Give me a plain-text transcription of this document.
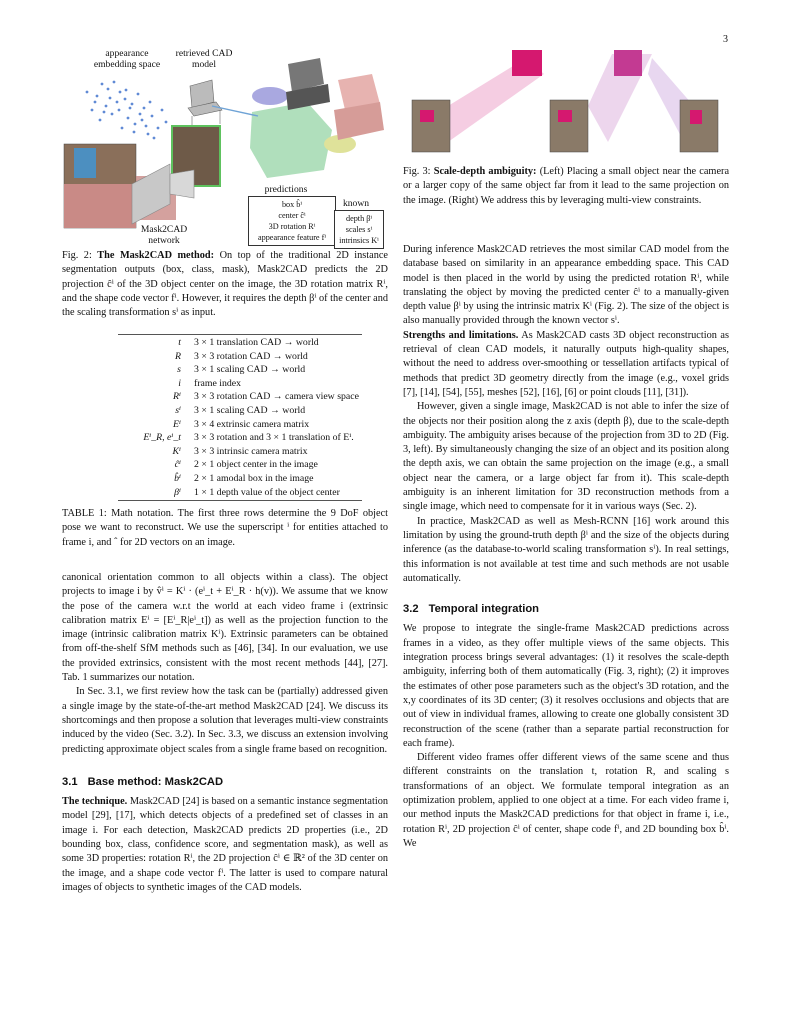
3
appearance embedding space
retrieved CAD model
Mask2CAD network
predictions
known
box b̂ⁱ
center ĉⁱ
3D rotation Rⁱ
appearance feature fⁱ
depth βⁱ
scales sⁱ
intrinsics Kⁱ

Fig. 2: The Mask2CAD method: On top of the traditional 2D instance segmentation outputs (box, class, mask), Mask2CAD predicts the 2D projection ĉⁱ of the 3D object center on the image, the 3D rotation matrix Rⁱ, and the shape code vector fⁱ. However, it requires the depth βⁱ of the center and the scaling transformation sⁱ as input.

t	3 × 1 translation CAD → world
R	3 × 3 rotation CAD → world
s	3 × 1 scaling CAD → world
i	frame index
Rⁱ	3 × 3 rotation CAD → camera view space
sⁱ	3 × 1 scaling CAD → world
Eⁱ	3 × 4 extrinsic camera matrix
Eⁱ_R, eⁱ_t	3 × 3 rotation and 3 × 1 translation of Eⁱ.
Kⁱ	3 × 3 intrinsic camera matrix
ĉⁱ	2 × 1 object center in the image
b̂ⁱ	2 × 1 amodal box in the image
βⁱ	1 × 1 depth value of the object center

TABLE 1: Math notation. The first three rows determine the 9 DoF object pose we want to reconstruct. We use the superscript ⁱ for entities attached to frame i, and ˆ for 2D vectors on an image.

canonical orientation common to all objects within a class). The object projects to image i by v̂ⁱ = Kⁱ · (eⁱ_t + Eⁱ_R · h(v)). We assume that we know the pose of the camera w.r.t the world at each video frame i (extrinsic calibration matrix Eⁱ = [Eⁱ_R|eⁱ_t]) as well as the projection function to the image (intrinsic calibration matrix Kⁱ). Extrinsic parameters can be obtained from off-the-shelf SfM methods such as [46], [34]. In our evaluation, we use the provided extrinsics, consistent with the most recent methods [44], [27]. Tab. 1 summarizes our notation.

In Sec. 3.1, we first review how the task can be (partially) addressed given a single image by the state-of-the-art method Mask2CAD [24]. We discuss its shortcomings and then propose a solution that leverages multi-view constraints induced by the video (Sec. 3.2). In Sec. 3.3, we discuss an extension involving predicting approximate object scales from a single frame based on recognition.

3.1 Base method: Mask2CAD

The technique. Mask2CAD [24] is based on a semantic instance segmentation model [29], [17], which detects objects of a predefined set of classes in an image i. For each detection, Mask2CAD predicts 2D properties (i.e., 2D bounding box, class, confidence score, and segmentation mask), as well as some 3D properties: rotation Rⁱ, the 2D projection ĉⁱ ∈ ℝ² of the 3D center on the image, and a shape code vector fⁱ. The latter is used to compare natural images of objects to synthetic images of the CAD models.

Fig. 3: Scale-depth ambiguity: (Left) Placing a small object near the camera or a larger copy of the same object far from it lead to the same projection on the image. (Right) We address this by leveraging multi-view constraints.

During inference Mask2CAD retrieves the most similar CAD model from the database based on similarity in an appearance embedding space. This CAD model is then placed in the world by using the predicted rotation Rⁱ, while translating the object by moving the predicted center ĉⁱ to a manually-given depth value βⁱ by using the intrinsic matrix Kⁱ (Fig. 2). The size of the object is also manually provided through the known vector sⁱ.

Strengths and limitations. As Mask2CAD casts 3D object reconstruction as retrieval of clean CAD models, it naturally outputs high-quality shapes, without the need to address over-smoothing or tessellation artifacts typical of methods that predict 3D geometry directly from the image (e.g., voxel grids [7], [14], [54], [55], meshes [52], [16], [6] or point clouds [11], [31]).

However, given a single image, Mask2CAD is not able to infer the size of the objects nor their position along the z axis (depth β), due to the scale-depth ambiguity. The ambiguity arises because of the projection from 3D to 2D (Fig. 3, left). By simultaneously changing the size of an object and its position along the depth axis, we can obtain the same projection on the image (e.g., a small object near the camera, or a large object far from it). This scale-depth ambiguity is an inherent limitation for 3D reconstruction methods from a single image, which need to compensate for it in various ways (Sec. 2).

In practice, Mask2CAD as well as Mesh-RCNN [16] work around this limitation by using the ground-truth depth βⁱ and the size of the objects during inference (as the database-to-world scaling transformation sⁱ). In real settings, this information is not available at test time and such methods are not usable automatically.

3.2 Temporal integration

We propose to integrate the single-frame Mask2CAD predictions across frames in a video, as they offer multiple views of the same objects. This integration process brings several advantages: (1) it resolves the scale-depth ambiguity, inferring both of them automatically (Fig. 3, right); (2) it improves the estimates of other pose parameters such as the object's 3D rotation, and the x,y coordinates of its 3D center; (3) it resolves occlusions and objects that are out of view in individual frames, allowing to create one globally consistent 3D reconstruction of the scene (rather than a separate partial reconstruction for each frame).

Different video frames offer different views of the same scene and thus different constraints on the translation t, rotation R, and scaling s transformations of an object. We formulate temporal integration as an optimization problem, applied to one object at a time. For each video frame i, our method inputs the Mask2CAD predictions for that object in frame i, i.e., rotation Rⁱ, 2D projection ĉⁱ of center, shape code fⁱ, and 2D bounding box b̂ⁱ. We
